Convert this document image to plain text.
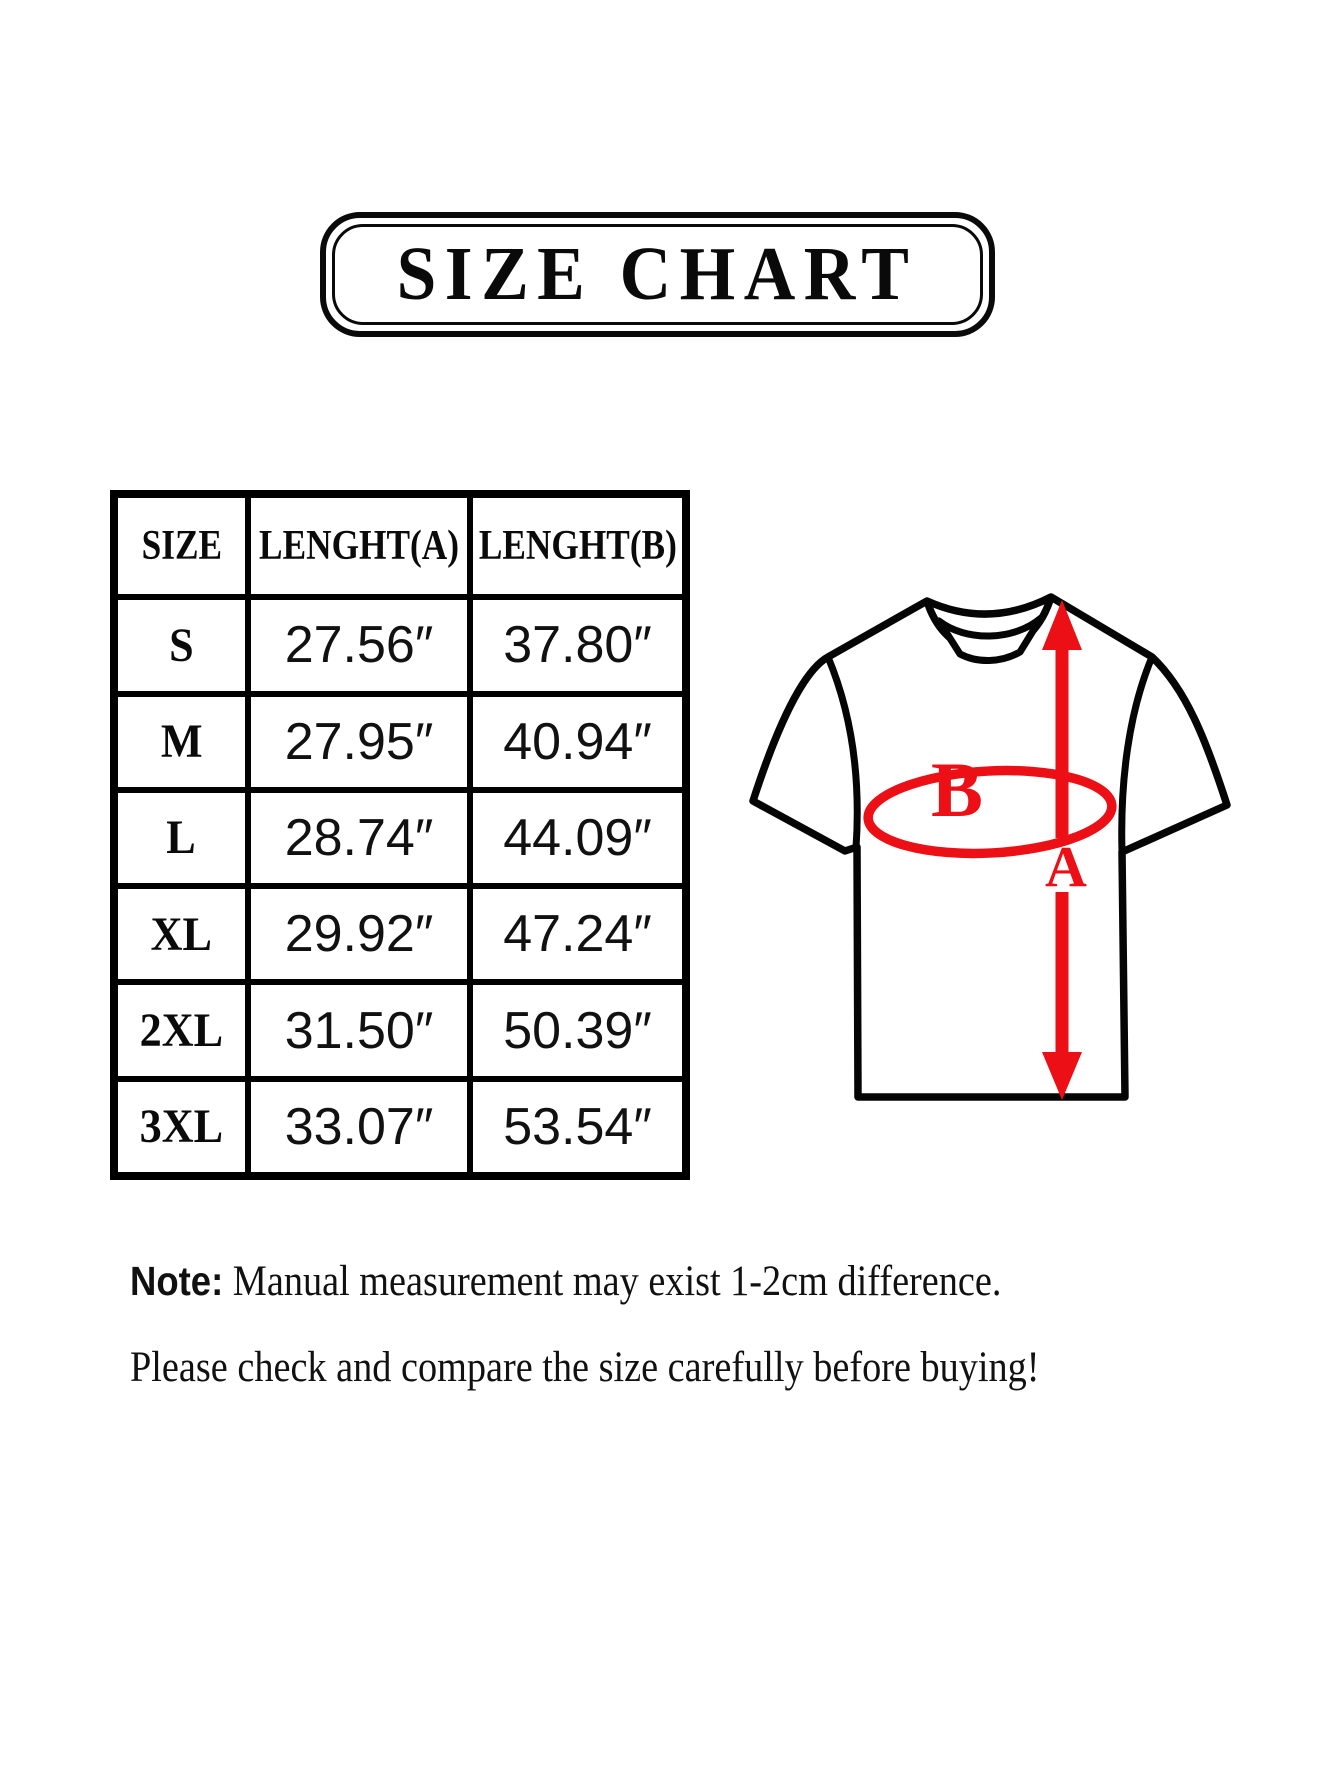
SIZE CHART
SIZE LENGHT(A) LENGHT(B)
S 27.56″ 37.80″
M 27.95″ 40.94″
L 28.74″ 44.09″
XL 29.92″ 47.24″
2XL 31.50″ 50.39″
3XL 33.07″ 53.54″
B
A

Note: Manual measurement may exist 1-2cm difference.

Please check and compare the size carefully before buying!
